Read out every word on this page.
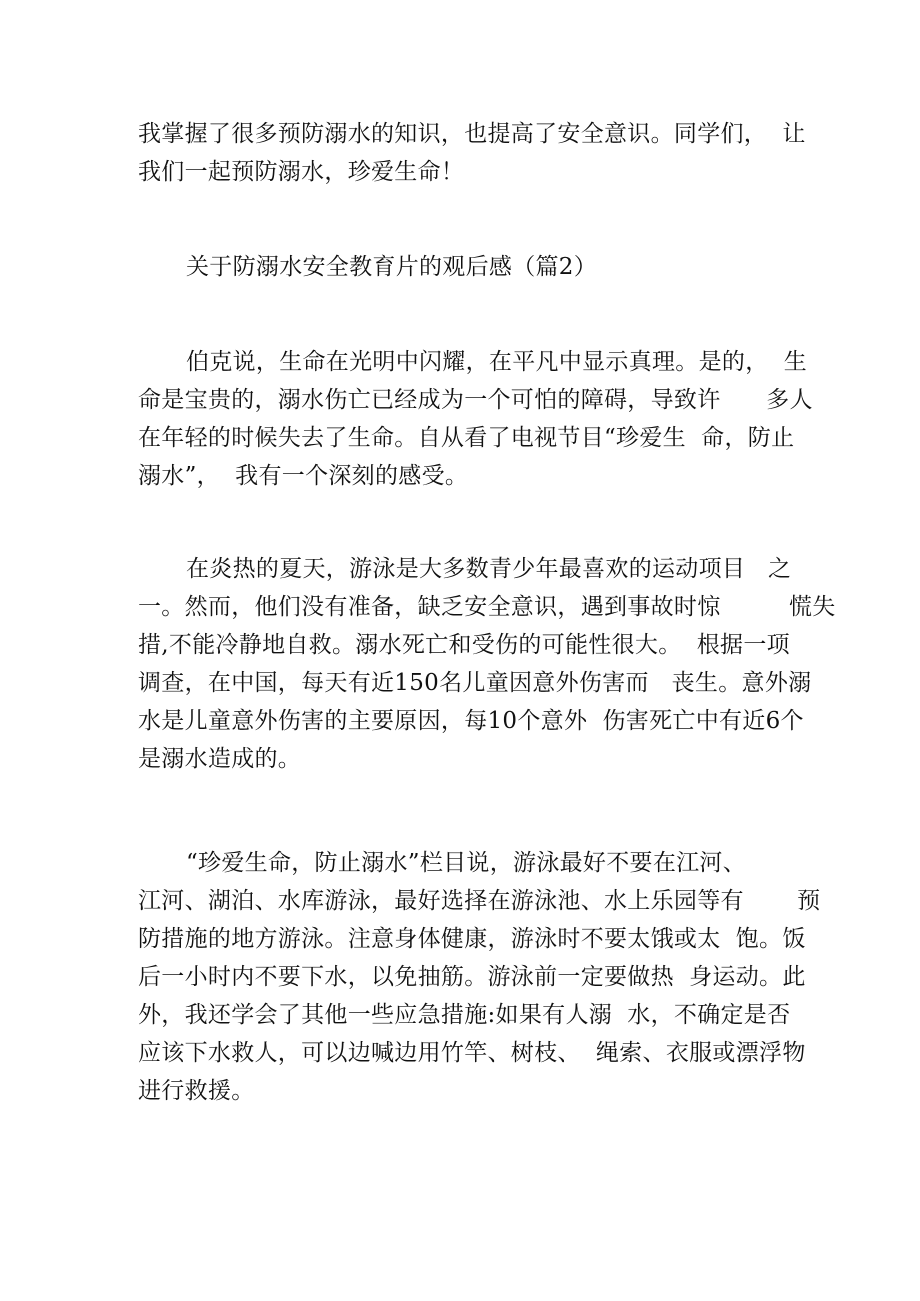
我掌握了很多预防溺水的知识，也提高了安全意识。同学们，  让
我们一起预防溺水，珍爱生命！
关于防溺水安全教育片的观后感（篇2）
伯克说，生命在光明中闪耀，在平凡中显示真理。是的，  生
命是宝贵的，溺水伤亡已经成为一个可怕的障碍，导致许      多人
在年轻的时候失去了生命。自从看了电视节目“珍爱生  命，防止
溺水”，  我有一个深刻的感受。
在炎热的夏天，游泳是大多数青少年最喜欢的运动项目   之
一。然而，他们没有准备，缺乏安全意识，遇到事故时惊         慌失
措,不能冷静地自救。溺水死亡和受伤的可能性很大。  根据一项
调查，在中国，每天有近150名儿童因意外伤害而   丧生。意外溺
水是儿童意外伤害的主要原因，每10个意外  伤害死亡中有近6个
是溺水造成的。
“珍爱生命，防止溺水”栏目说，游泳最好不要在江河、
江河、湖泊、水库游泳，最好选择在游泳池、水上乐园等有       预
防措施的地方游泳。注意身体健康，游泳时不要太饿或太  饱。饭
后一小时内不要下水，以免抽筋。游泳前一定要做热  身运动。此
外，我还学会了其他一些应急措施:如果有人溺  水，不确定是否
应该下水救人，可以边喊边用竹竿、树枝、  绳索、衣服或漂浮物
进行救援。
